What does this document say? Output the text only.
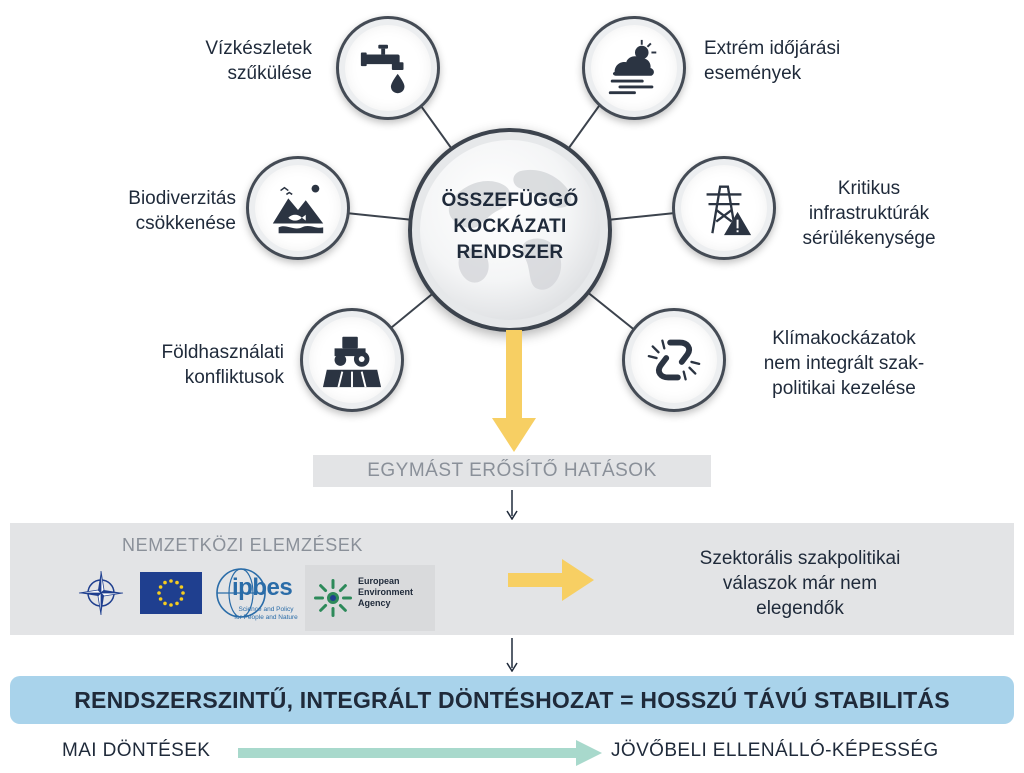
ÖSSZEFÜGGŐ
KOCKÁZATI
RENDSZER
Vízkészletek
szűkülése
Extrém időjárási
események
Biodiverzitás
csökkenése
Kritikus
infrastruktúrák
sérülékenysége
Földhasználati
konfliktusok
Klímakockázatok
nem integrált szak-
politikai kezelése
EGYMÁST ERŐSÍTŐ HATÁSOK
NEMZETKÖZI ELEMZÉSEK
ipbes
Science and Policy
for People and Nature
European
Environment
Agency
Szektorális szakpolitikai
válaszok már nem
elegendők
RENDSZERSZINTŰ, INTEGRÁLT DÖNTÉSHOZAT = HOSSZÚ TÁVÚ STABILITÁS
MAI DÖNTÉSEK	JÖVŐBELI ELLENÁLLÓ-KÉPESSÉG
